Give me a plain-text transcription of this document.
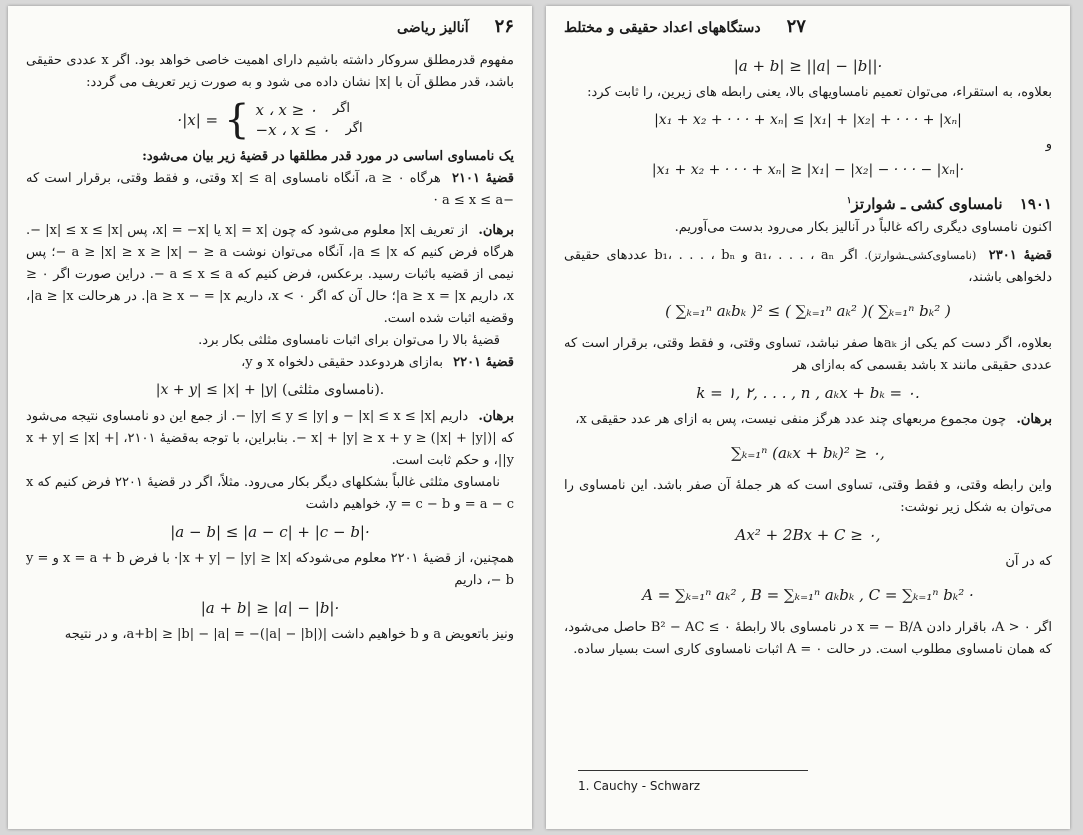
۲۶
آنالیز ریاضی

مفهوم قدرمطلق سروکار داشته باشیم دارای اهمیت خاصی خواهد بود. اگر x عددی حقیقی باشد، قدر مطلق آن با |x| نشان داده می شود و به صورت زیر تعریف می‌ گردد:

·|x| = { x ، x ≥ ۰ اگر
−x ، x ≤ ۰ اگر

یک نامساوی اساسی در مورد قدر مطلقها در قضیهٔ زیر بیان می‌شود:

قضیهٔ ۲۱۰۱ هرگاه ۰ ≤ a، آنگاه نامساوی |x| ≤ a وقتی، و فقط وقتی، برقرار است که −a ≤ x ≤ a ·

برهان. از تعریف |x| معلوم می‌شود که چون |x| = x یا |x| = −x، پس |x| ≤ x ≤ |x| −. هرگاه فرض کنیم که a ≤ |x|، آنگاه می‌توان نوشت a ≥ |x| ≥ x ≥ |x| − ≥ a −؛ پس نیمی از قضیه باثبات رسید. برعکس، فرض کنیم که a ≤ x ≤ a −. دراین صورت اگر ۰ ≤ x، داریم a ≥ x = |x|؛ حال آن که اگر ۰ > x، داریم a ≥ x − = |x|. در هرحالت a ≥ |x|، وقضیه اثبات شده است.

قضیهٔ بالا را می‌توان برای اثبات نامساوی مثلثی بکار برد.

قضیهٔ ۲۲۰۱ به‌ازای هردوعدد حقیقی دلخواه x و y،

|x + y| ≤ |x| + |y| (نامساوی مثلثی).

برهان. داریم |x| ≤ x ≤ |x| − و |y| ≤ y ≤ |y| −. از جمع این دو نامساوی نتیجه می‌شود که |x| + |y| ≥ x + y ≥ (|x| + |y|) −. بنابراین، با توجه به‌قضیهٔ ۲۱۰۱، |x + y| ≤ |x| + |y|، و حکم ثابت است.

نامساوی مثلثی غالباً بشکلهای دیگر بکار می‌رود. مثلاً، اگر در قضیهٔ ۲۲۰۱ فرض کنیم که x = a − c و y = c − b، خواهیم داشت

|a − b| ≤ |a − c| + |c − b|·

همچنین، از قضیهٔ ۲۲۰۱ معلوم می‌شودکه |x + y| − |y| ≥ |x|· با فرض x = a + b و y = − b، داریم

|a + b| ≥ |a| − |b|·

ونیز باتعویض a و b خواهیم داشت |a+b| ≥ |b| − |a| = −(|a| − |b|)، و در نتیجه

۲۷
دستگاههای اعداد حقیقی و مختلط
|a + b| ≥ ||a| − |b||·

بعلاوه، به استقراء، می‌توان تعمیم نامساویهای بالا، یعنی رابطه های زیرین، را ثابت کرد:

|x₁ + x₂ + · · · + xₙ| ≤ |x₁| + |x₂| + · · · + |xₙ|
و
|x₁ + x₂ + · · · + xₙ| ≥ |x₁| − |x₂| − · · · − |xₙ|·
۱۹۰۱ نامساوی کشی ـ شوارتز$^۱$

اکنون نامساوی دیگری راکه غالباً در آنالیز بکار می‌رود بدست می‌آوریم.

قضیهٔ ۲۳۰۱ (نامساوی‌کشی‌ـشوارتز). اگر a₁، . . . ، aₙ و b₁، . . . ، bₙ عددهای حقیقی دلخواهی باشند،

( ∑ₖ₌₁ⁿ aₖbₖ )² ≤ ( ∑ₖ₌₁ⁿ aₖ² )( ∑ₖ₌₁ⁿ bₖ² )

بعلاوه، اگر دست کم یکی از aₖها صفر نباشد، تساوی وقتی، و فقط وقتی، برقرار است که عددی حقیقی مانند x باشد بقسمی که به‌ازای هر

k = ۱, ۲, . . . , n , aₖx + bₖ = ۰.

برهان. چون مجموع مربعهای چند عدد هرگز منفی نیست، پس به ازای هر عدد حقیقی x،

∑ₖ₌₁ⁿ (aₖx + bₖ)² ≥ ۰,

واین رابطه وقتی، و فقط وقتی، تساوی است که هر جملهٔ آن صفر باشد. این نامساوی را می‌توان به شکل زیر نوشت:

Ax² + 2Bx + C ≥ ۰,

که در آن

A = ∑ₖ₌₁ⁿ aₖ² , B = ∑ₖ₌₁ⁿ aₖbₖ , C = ∑ₖ₌₁ⁿ bₖ² ·

اگر ۰ < A، باقرار دادن x = − B/A در نامساوی بالا رابطهٔ ۰ ≥ B² − AC حاصل می‌شود، که همان نامساوی مطلوب است. در حالت ۰ = A اثبات نامساوی کاری است بسیار ساده.

1. Cauchy - Schwarz
